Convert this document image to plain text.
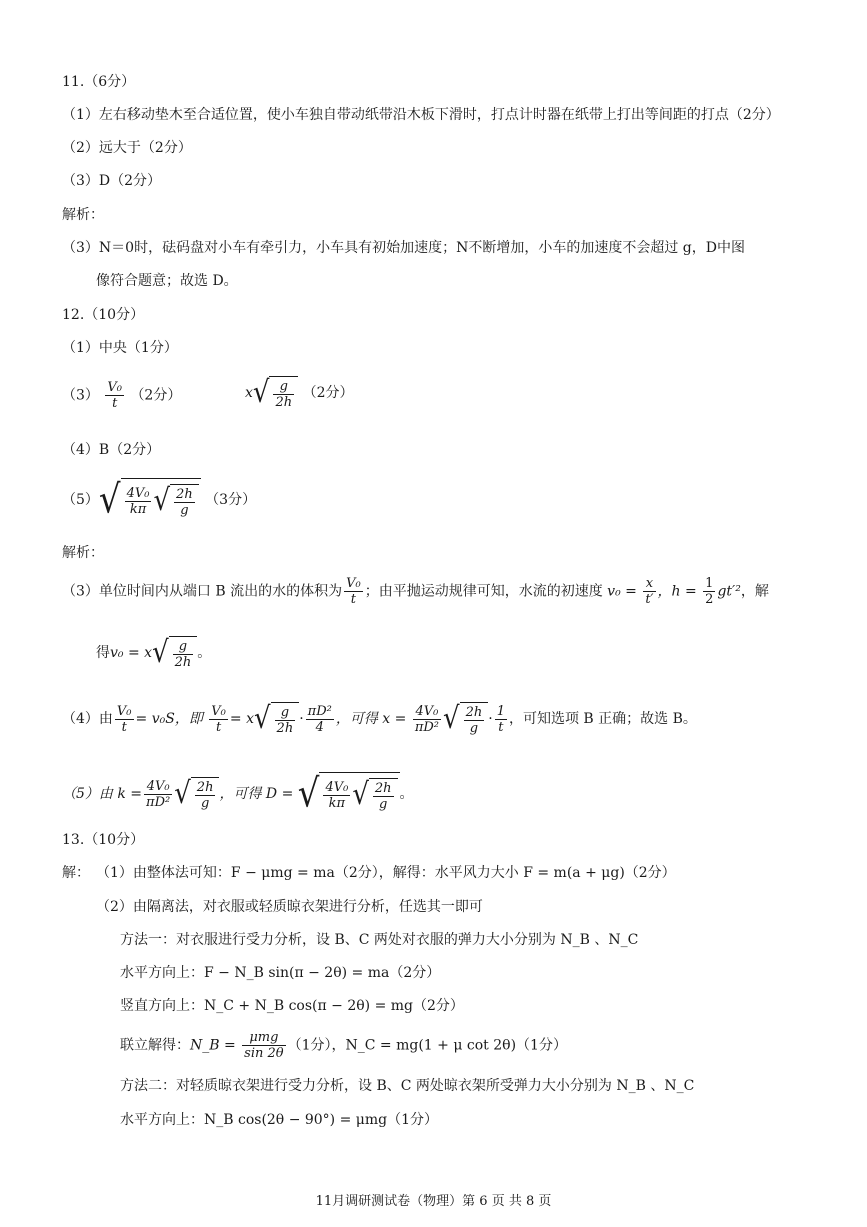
11.（6分）
（1）左右移动垫木至合适位置，使小车独自带动纸带沿木板下滑时，打点计时器在纸带上打出等间距的打点（2分）
（2）远大于（2分）
（3）D（2分）
解析：
（3）N＝0时，砝码盘对小车有牵引力，小车具有初始加速度；N不断增加，小车的加速度不会超过 g，D中图
像符合题意；故选 D。
12.（10分）
（1）中央（1分）
$(3) \frac{\text{V₀}}{t} (2$分）	x √ $\frac{g}{2h} (2$分）
（4）B（2分）
（5） √ $\frac{\text{4V₀}}{k\pi}$ √ $\frac{2h}{g} (3$分）
解析：
（3）单位时间内从端口 B 流出的水的体积为 $\frac{\text{V₀}}{t}$ ；由平抛运动规律可知，水流的初速度 $v_0 = \frac{x}{t'}$ ，$h = \frac{1}{2} gt'^2$，解
得v₀ = x √ $\frac{g}{2h}$ 。
（4）由 $\frac{\text{V₀}}{t} = v_0S$，即 $\frac{\text{V₀}}{t} = x$ √ $\frac{g}{2h} \cdot \frac{\text{πD²}}{4}$ ，可得 $x = \frac{\text{4V₀}}{\text{πD²}}$ √ $\frac{2h}{g} \cdot \frac{1}{t}$ ，可知选项 B 正确；故选 B。
（5）由 $k = \frac{\text{4V₀}}{\text{πD²}}$ √ $\frac{2h}{g}$ ，可得 D = √ $\frac{\text{4V₀}}{k\pi}$ √ $\frac{2h}{g}$ 。
13.（10分）
解： （1）由整体法可知：F − μmg = ma（2分），解得：水平风力大小 F = m(a + μg)（2分）
（2）由隔离法，对衣服或轻质晾衣架进行分析，任选其一即可
方法一：对衣服进行受力分析，设 B、C 两处对衣服的弹力大小分别为 N_B 、N_C
水平方向上：F − N_B sin(π − 2θ) = ma（2分）
竖直方向上：N_C + N_B cos(π − 2θ) = mg（2分）
联立解得：N_B = $\frac{\text{μmg}}{\sin 2\theta} (1$分），N_C = mg(1 + μ cot 2θ)（1分）
方法二：对轻质晾衣架进行受力分析，设 B、C 两处晾衣架所受弹力大小分别为 N_B 、N_C
水平方向上：N_B cos(2θ − 90°) = μmg（1分）
11月调研测试卷（物理）第 6 页 共 8 页
